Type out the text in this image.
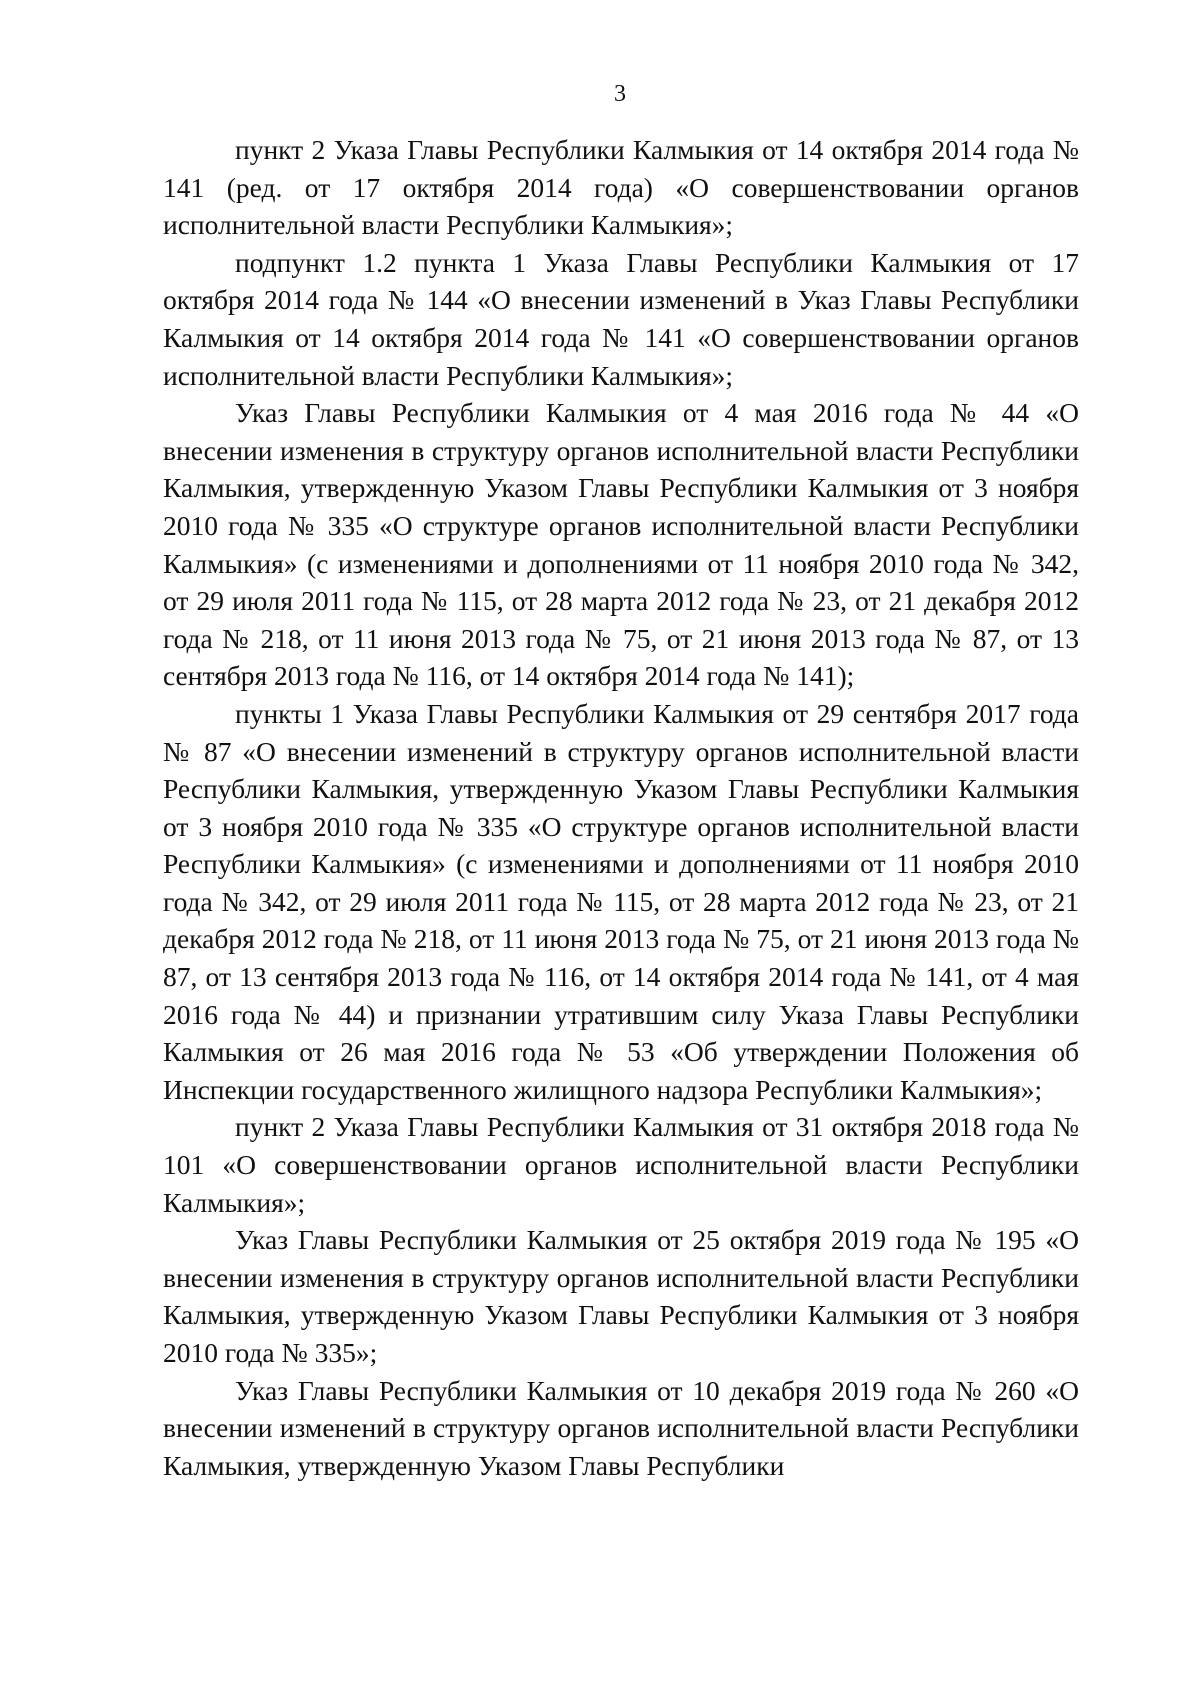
3

пункт 2 Указа Главы Республики Калмыкия от 14 октября 2014 года № 141 (ред. от 17 октября 2014 года) «О совершенствовании органов исполнительной власти Республики Калмыкия»;

подпункт 1.2 пункта 1 Указа Главы Республики Калмыкия от 17 октября 2014 года № 144 «О внесении изменений в Указ Главы Республики Калмыкия от 14 октября 2014 года № 141 «О совершенствовании органов исполнительной власти Республики Калмыкия»;

Указ Главы Республики Калмыкия от 4 мая 2016 года № 44 «О внесении изменения в структуру органов исполнительной власти Республики Калмыкия, утвержденную Указом Главы Республики Калмыкия от 3 ноября 2010 года № 335 «О структуре органов исполнительной власти Республики Калмыкия» (с изменениями и дополнениями от 11 ноября 2010 года № 342, от 29 июля 2011 года № 115, от 28 марта 2012 года № 23, от 21 декабря 2012 года № 218, от 11 июня 2013 года № 75, от 21 июня 2013 года № 87, от 13 сентября 2013 года № 116, от 14 октября 2014 года № 141);

пункты 1 Указа Главы Республики Калмыкия от 29 сентября 2017 года № 87 «О внесении изменений в структуру органов исполнительной власти Республики Калмыкия, утвержденную Указом Главы Республики Калмыкия от 3 ноября 2010 года № 335 «О структуре органов исполнительной власти Республики Калмыкия» (с изменениями и дополнениями от 11 ноября 2010 года № 342, от 29 июля 2011 года № 115, от 28 марта 2012 года № 23, от 21 декабря 2012 года № 218, от 11 июня 2013 года № 75, от 21 июня 2013 года № 87, от 13 сентября 2013 года № 116, от 14 октября 2014 года № 141, от 4 мая 2016 года № 44) и признании утратившим силу Указа Главы Республики Калмыкия от 26 мая 2016 года № 53 «Об утверждении Положения об Инспекции государственного жилищного надзора Республики Калмыкия»;

пункт 2 Указа Главы Республики Калмыкия от 31 октября 2018 года № 101 «О совершенствовании органов исполнительной власти Республики Калмыкия»;

Указ Главы Республики Калмыкия от 25 октября 2019 года № 195 «О внесении изменения в структуру органов исполнительной власти Республики Калмыкия, утвержденную Указом Главы Республики Калмыкия от 3 ноября 2010 года № 335»;

Указ Главы Республики Калмыкия от 10 декабря 2019 года № 260 «О внесении изменений в структуру органов исполнительной власти Республики Калмыкия, утвержденную Указом Главы Республики
